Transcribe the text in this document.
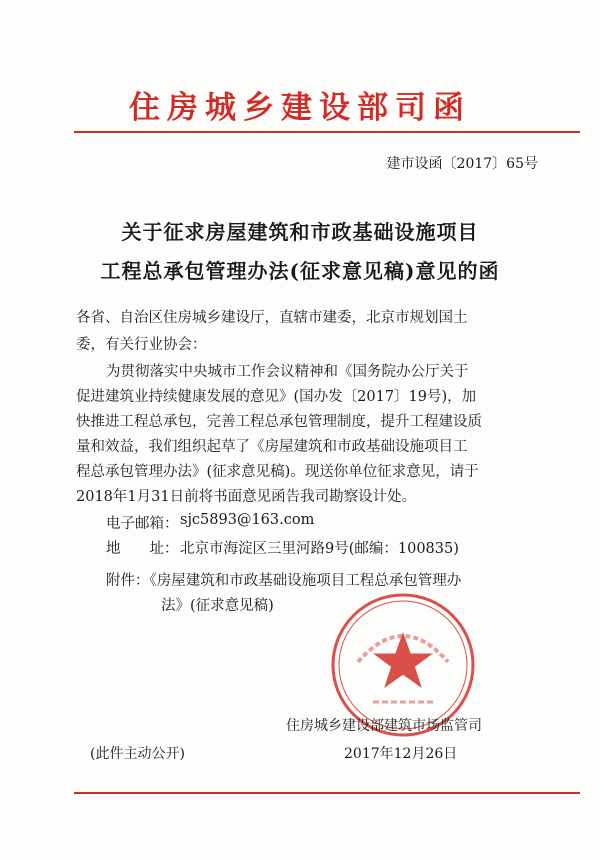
住房城乡建设部司函
建市设函〔2017〕65号
关于征求房屋建筑和市政基础设施项目
工程总承包管理办法(征求意见稿)意见的函
各省、自治区住房城乡建设厅，直辖市建委，北京市规划国土
委，有关行业协会：
为贯彻落实中央城市工作会议精神和《国务院办公厅关于
促进建筑业持续健康发展的意见》(国办发〔2017〕19号)，加
快推进工程总承包，完善工程总承包管理制度，提升工程建设质
量和效益，我们组织起草了《房屋建筑和市政基础设施项目工
程总承包管理办法》(征求意见稿)。现送你单位征求意见，请于
2018年1月31日前将书面意见函告我司勘察设计处。
电子邮箱： sjc5893@163.com
地　　址： 北京市海淀区三里河路9号(邮编：100835)
附件：《房屋建筑和市政基础设施项目工程总承包管理办
法》(征求意见稿)
住房城乡建设部建筑市场监管司
2017年12月26日
(此件主动公开)
